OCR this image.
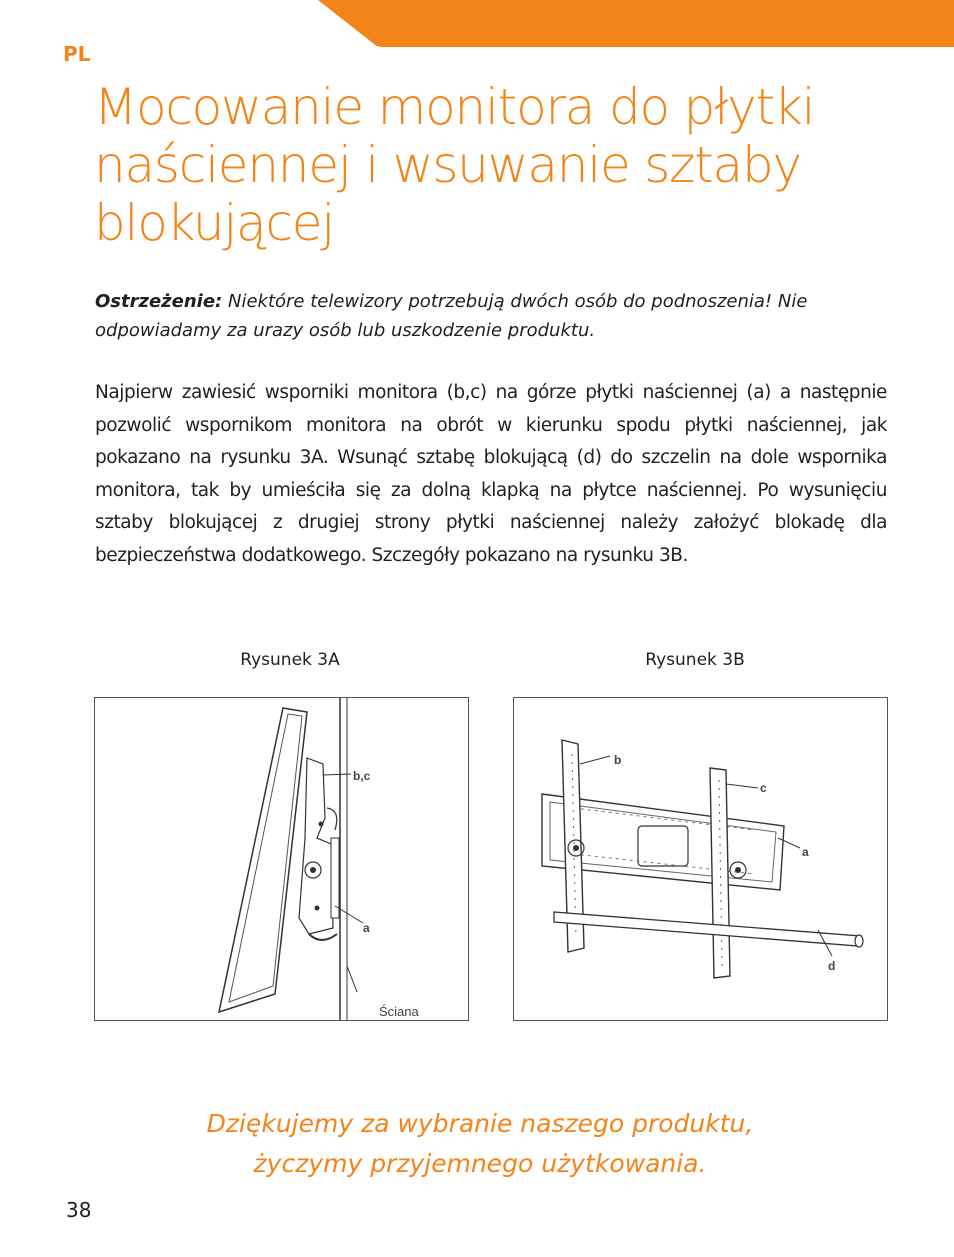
PL
Mocowanie monitora do płytki naściennej i wsuwanie sztaby blokującej
Ostrzeżenie: Niektóre telewizory potrzebują dwóch osób do podnoszenia! Nie odpowiadamy za urazy osób lub uszkodzenie produktu.
Najpierw zawiesić wsporniki monitora (b,c) na górze płytki naściennej (a) a następnie pozwolić wspornikom monitora na obrót w kierunku spodu płytki naściennej, jak pokazano na rysunku 3A. Wsunąć sztabę blokującą (d) do szczelin na dole wspornika monitora, tak by umieściła się za dolną klapką na płytce naściennej. Po wysunięciu sztaby blokującej z drugiej strony płytki naściennej należy założyć blokadę dla bezpieczeństwa dodatkowego. Szczegóły pokazano na rysunku 3B.
Rysunek 3A	Rysunek 3B
b,c
a
Ściana
b
c
a
d
Dziękujemy za wybranie naszego produktu,
życzymy przyjemnego użytkowania.
38
